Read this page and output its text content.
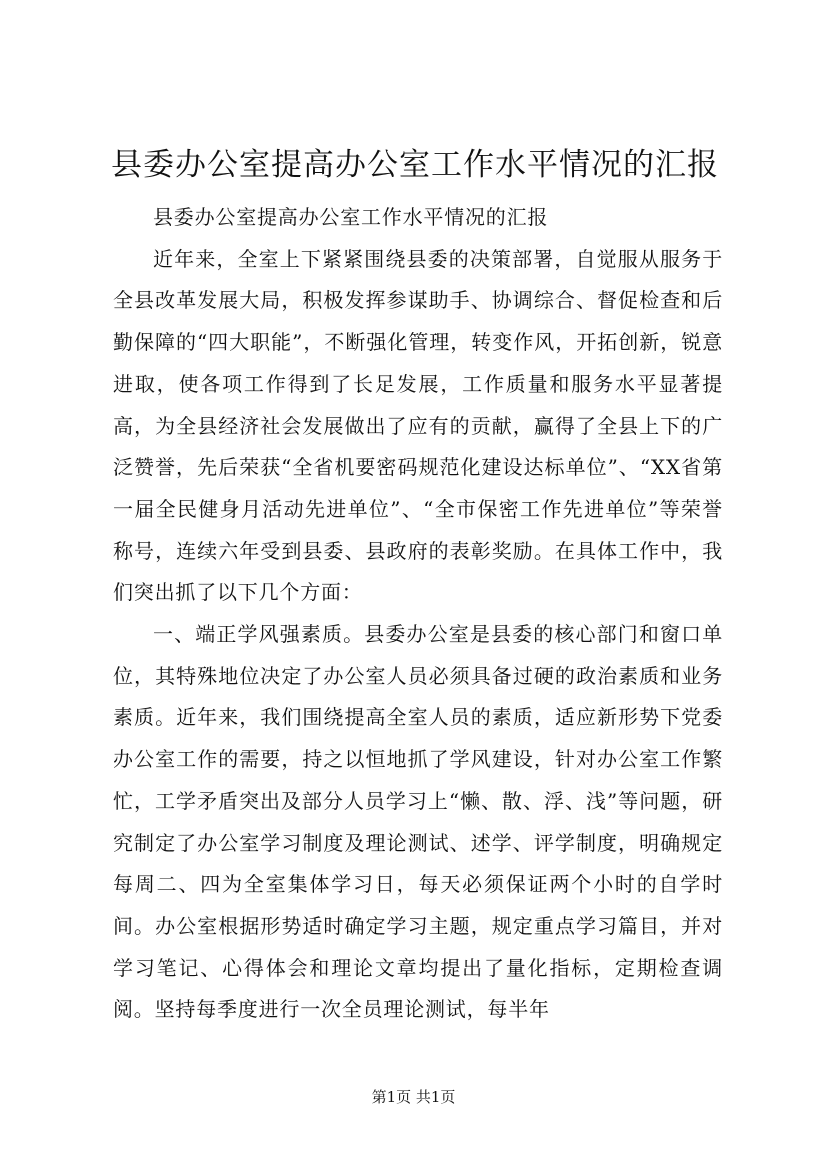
县委办公室提高办公室工作水平情况的汇报

县委办公室提高办公室工作水平情况的汇报

近年来，全室上下紧紧围绕县委的决策部署，自觉服从服务于全县改革发展大局，积极发挥参谋助手、协调综合、督促检查和后勤保障的“四大职能”，不断强化管理，转变作风，开拓创新，锐意进取，使各项工作得到了长足发展，工作质量和服务水平显著提高，为全县经济社会发展做出了应有的贡献，赢得了全县上下的广泛赞誉，先后荣获“全省机要密码规范化建设达标单位”、“XX省第一届全民健身月活动先进单位”、“全市保密工作先进单位”等荣誉称号，连续六年受到县委、县政府的表彰奖励。在具体工作中，我们突出抓了以下几个方面：

一、端正学风强素质。县委办公室是县委的核心部门和窗口单位，其特殊地位决定了办公室人员必须具备过硬的政治素质和业务素质。近年来，我们围绕提高全室人员的素质，适应新形势下党委办公室工作的需要，持之以恒地抓了学风建设，针对办公室工作繁忙，工学矛盾突出及部分人员学习上“懒、散、浮、浅”等问题，研究制定了办公室学习制度及理论测试、述学、评学制度，明确规定每周二、四为全室集体学习日，每天必须保证两个小时的自学时间。办公室根据形势适时确定学习主题，规定重点学习篇目，并对学习笔记、心得体会和理论文章均提出了量化指标，定期检查调阅。坚持每季度进行一次全员理论测试，每半年

第1页 共1页
